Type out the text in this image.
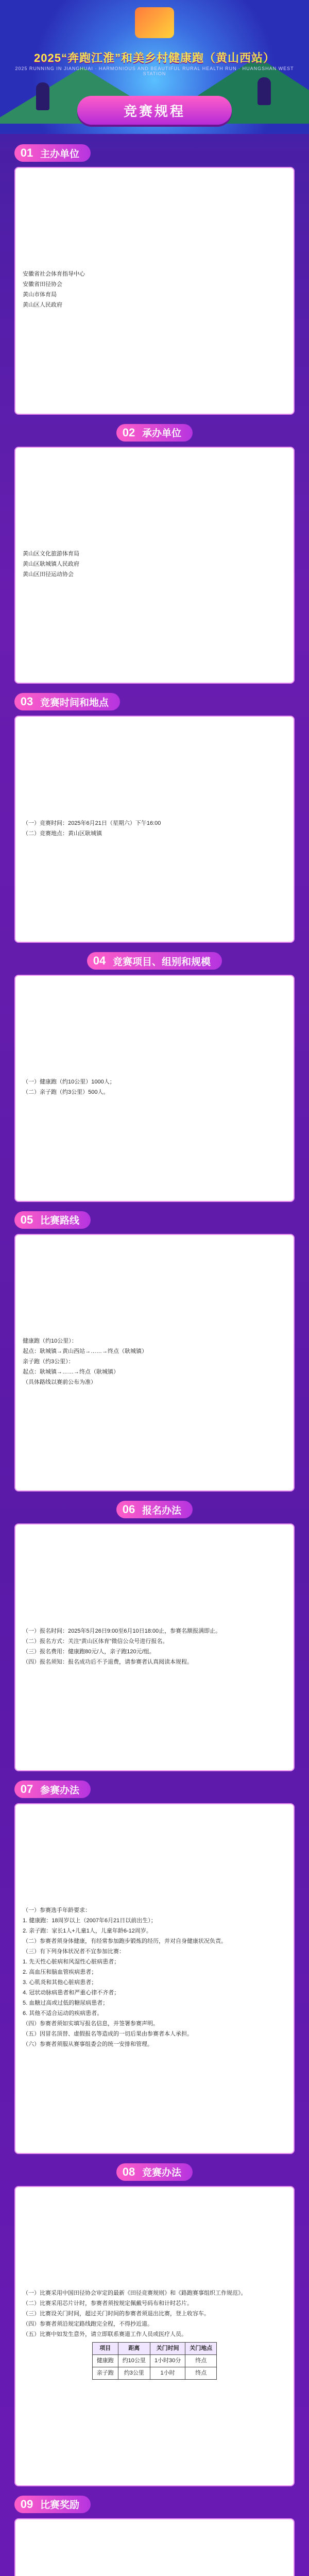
2025“奔跑江淮”和美乡村健康跑（黄山西站）
2025 RUNNING IN JIANGHUAI · HARMONIOUS AND BEAUTIFUL RURAL HEALTH RUN · HUANGSHAN WEST STATION
竞赛规程
01 主办单位

安徽省社会体育指导中心

安徽省田径协会

黄山市体育局

黄山区人民政府

02 承办单位

黄山区文化旅游体育局

黄山区耿城镇人民政府

黄山区田径运动协会

03 竞赛时间和地点

（一）竞赛时间：2025年6月21日（星期六）下午16:00

（二）竞赛地点：黄山区耿城镇

04 竞赛项目、组别和规模

（一）健康跑（约10公里）1000人；

（二）亲子跑（约3公里）500人。

05 比赛路线

健康跑（约10公里）：

起点：耿城镇→黄山西站→……→终点（耿城镇）

亲子跑（约3公里）：

起点：耿城镇→……→终点（耿城镇）

（具体路线以赛前公布为准）

06 报名办法

（一）报名时间：2025年5月26日9:00至6月10日18:00止，参赛名额报满即止。

（二）报名方式：关注“黄山区体育”微信公众号进行报名。

（三）报名费用：健康跑80元/人，亲子跑120元/组。

（四）报名须知：报名成功后不予退费，请参赛者认真阅读本规程。

07 参赛办法

（一）参赛选手年龄要求：

1. 健康跑：18周岁以上（2007年6月21日以前出生）；

2. 亲子跑：家长1人+儿童1人，儿童年龄6-12周岁。

（二）参赛者须身体健康，有经常参加跑步锻炼的经历，并对自身健康状况负责。

（三）有下列身体状况者不宜参加比赛：

1. 先天性心脏病和风湿性心脏病患者；

2. 高血压和脑血管疾病患者；

3. 心肌炎和其他心脏病患者；

4. 冠状动脉病患者和严重心律不齐者；

5. 血糖过高或过低的糖尿病患者；

6. 其他不适合运动的疾病患者。

（四）参赛者须如实填写报名信息，并签署参赛声明。

（五）因冒名顶替、虚假报名等造成的一切后果由参赛者本人承担。

（六）参赛者须服从赛事组委会的统一安排和管理。

08 竞赛办法

（一）比赛采用中国田径协会审定的最新《田径竞赛规则》和《路跑赛事组织工作规范》。

（二）比赛采用芯片计时，参赛者须按规定佩戴号码布和计时芯片。

（三）比赛设关门时间，超过关门时间的参赛者须退出比赛，登上收容车。

（四）参赛者须沿规定路线跑完全程，不得抄近道。

（五）比赛中如发生意外，请立即联系赛道工作人员或医疗人员。

项目	距离	关门时间	关门地点
健康跑	约10公里	1小时30分	终点
亲子跑	约3公里	1小时	终点
09 比赛奖励
